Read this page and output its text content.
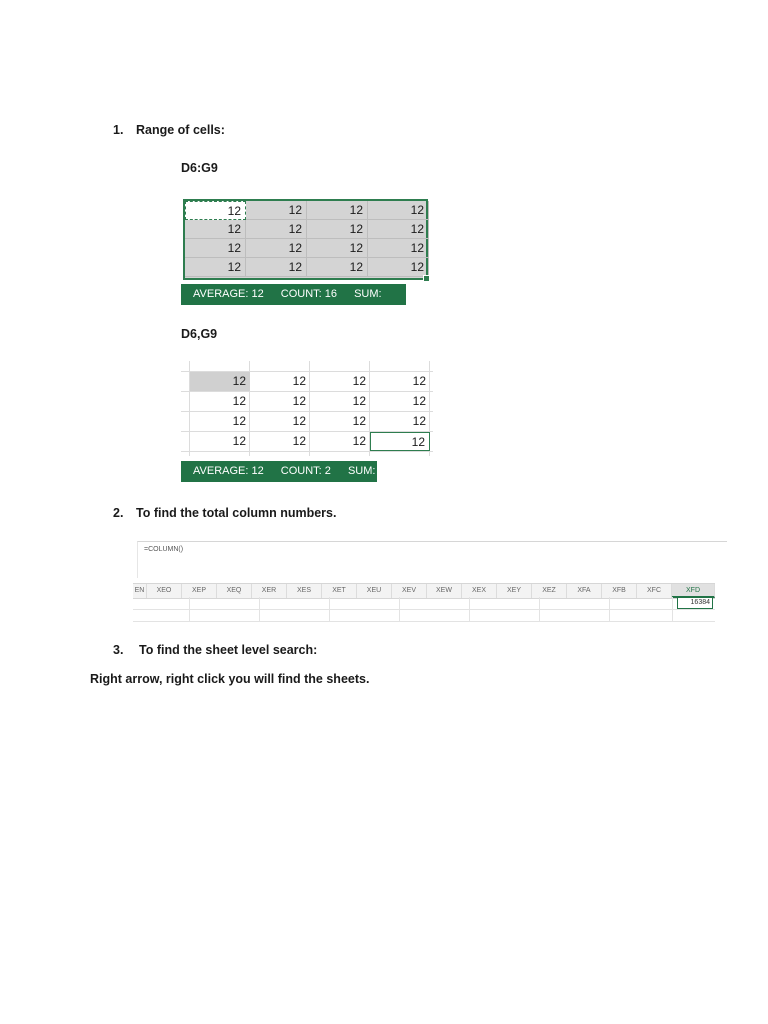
1. Range of cells:
D6:G9
12	12	12	12
12	12	12	12
12	12	12	12
12	12	12	12
AVERAGE: 12 COUNT: 16 SUM: 192
D6,G9
12	12	12	12
12	12	12	12
12	12	12	12
12	12	12	12
AVERAGE: 12 COUNT: 2 SUM: 24
2. To find the total column numbers.
=COLUMN()
EN	XEO	XEP	XEQ	XER	XES	XET	XEU	XEV	XEW	XEX	XEY	XEZ	XFA	XFB	XFC	XFD
16384
3. To find the sheet level search:
Right arrow, right click you will find the sheets.
